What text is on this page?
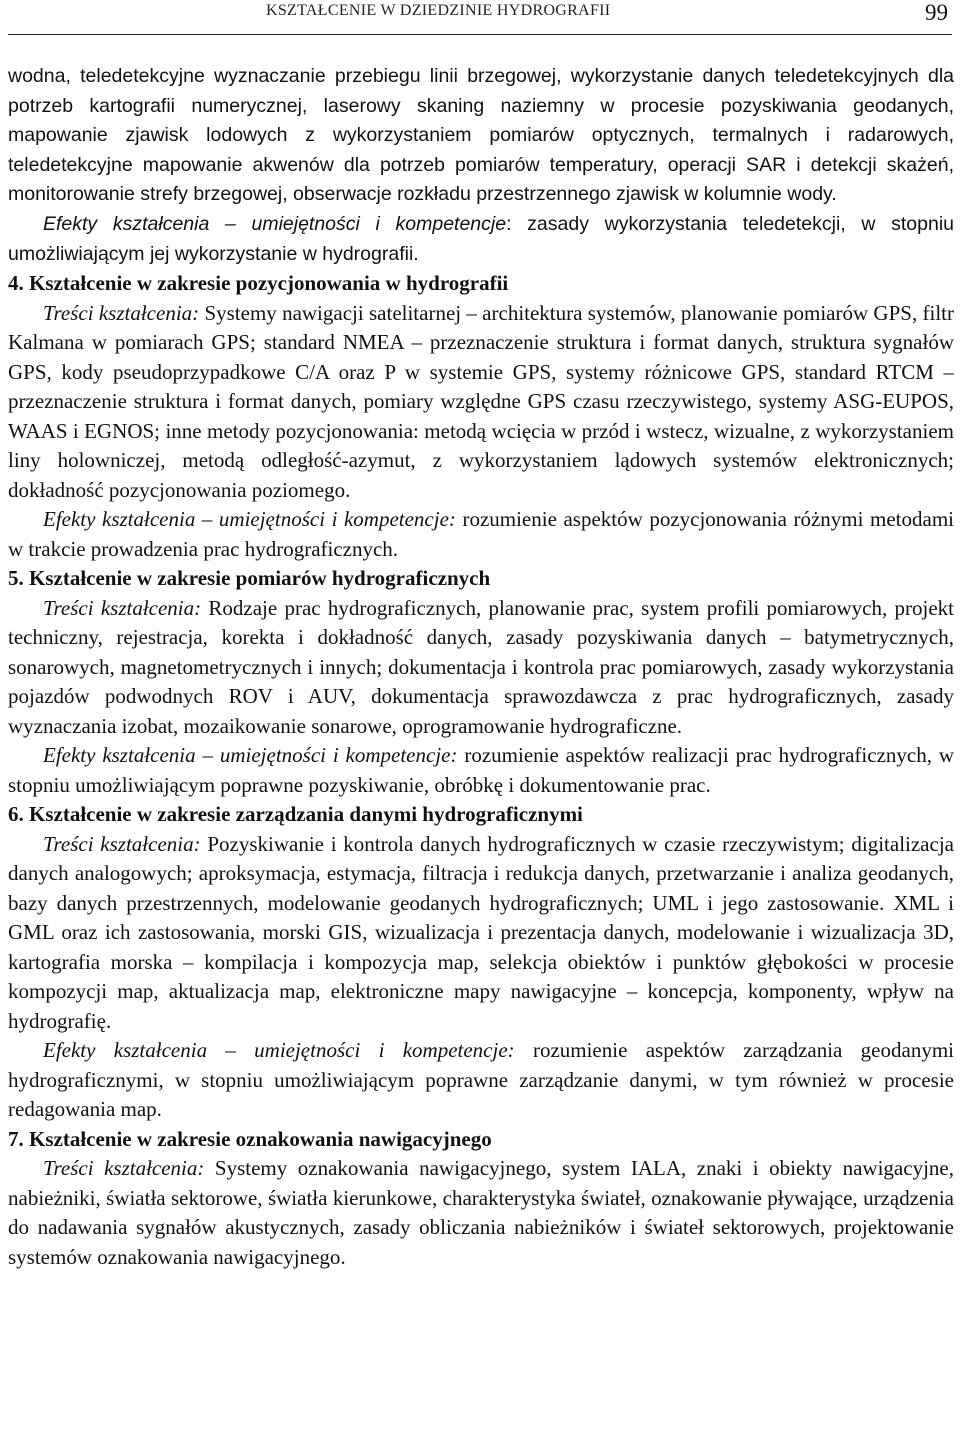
KSZTAŁCENIE W DZIEDZINIE HYDROGRAFII	99

wodna, teledetekcyjne wyznaczanie przebiegu linii brzegowej, wykorzystanie danych teledetekcyjnych dla potrzeb kartografii numerycznej, laserowy skaning naziemny w procesie pozyskiwania geodanych, mapowanie zjawisk lodowych z wykorzystaniem pomiarów optycznych, termalnych i radarowych, teledetekcyjne mapowanie akwenów dla potrzeb pomiarów temperatury, operacji SAR i detekcji skażeń, monitorowanie strefy brzegowej, obserwacje rozkładu przestrzennego zjawisk w kolumnie wody.

Efekty kształcenia – umiejętności i kompetencje: zasady wykorzystania teledetekcji, w stopniu umożliwiającym jej wykorzystanie w hydrografii.

4. Kształcenie w zakresie pozycjonowania w hydrografii

Treści kształcenia: Systemy nawigacji satelitarnej – architektura systemów, planowanie pomiarów GPS, filtr Kalmana w pomiarach GPS; standard NMEA – przeznaczenie struktura i format danych, struktura sygnałów GPS, kody pseudoprzypadkowe C/A oraz P w systemie GPS, systemy różnicowe GPS, standard RTCM – przeznaczenie struktura i format danych, pomiary względne GPS czasu rzeczywistego, systemy ASG-EUPOS, WAAS i EGNOS; inne metody pozycjonowania: metodą wcięcia w przód i wstecz, wizualne, z wykorzystaniem liny holowniczej, metodą odległość-azymut, z wykorzystaniem lądowych systemów elektronicznych; dokładność pozycjonowania poziomego.

Efekty kształcenia – umiejętności i kompetencje: rozumienie aspektów pozycjonowania różnymi metodami w trakcie prowadzenia prac hydrograficznych.

5. Kształcenie w zakresie pomiarów hydrograficznych

Treści kształcenia: Rodzaje prac hydrograficznych, planowanie prac, system profili pomiarowych, projekt techniczny, rejestracja, korekta i dokładność danych, zasady pozyskiwania danych – batymetrycznych, sonarowych, magnetometrycznych i innych; dokumentacja i kontrola prac pomiarowych, zasady wykorzystania pojazdów podwodnych ROV i AUV, dokumentacja sprawozdawcza z prac hydrograficznych, zasady wyznaczania izobat, mozaikowanie sonarowe, oprogramowanie hydrograficzne.

Efekty kształcenia – umiejętności i kompetencje: rozumienie aspektów realizacji prac hydrograficznych, w stopniu umożliwiającym poprawne pozyskiwanie, obróbkę i dokumentowanie prac.

6. Kształcenie w zakresie zarządzania danymi hydrograficznymi

Treści kształcenia: Pozyskiwanie i kontrola danych hydrograficznych w czasie rzeczywistym; digitalizacja danych analogowych; aproksymacja, estymacja, filtracja i redukcja danych, przetwarzanie i analiza geodanych, bazy danych przestrzennych, modelowanie geodanych hydrograficznych; UML i jego zastosowanie. XML i GML oraz ich zastosowania, morski GIS, wizualizacja i prezentacja danych, modelowanie i wizualizacja 3D, kartografia morska – kompilacja i kompozycja map, selekcja obiektów i punktów głębokości w procesie kompozycji map, aktualizacja map, elektroniczne mapy nawigacyjne – koncepcja, komponenty, wpływ na hydrografię.

Efekty kształcenia – umiejętności i kompetencje: rozumienie aspektów zarządzania geodanymi hydrograficznymi, w stopniu umożliwiającym poprawne zarządzanie danymi, w tym również w procesie redagowania map.

7. Kształcenie w zakresie oznakowania nawigacyjnego

Treści kształcenia: Systemy oznakowania nawigacyjnego, system IALA, znaki i obiekty nawigacyjne, nabieżniki, światła sektorowe, światła kierunkowe, charakterystyka świateł, oznakowanie pływające, urządzenia do nadawania sygnałów akustycznych, zasady obliczania nabieżników i świateł sektorowych, projektowanie systemów oznakowania nawigacyjnego.
